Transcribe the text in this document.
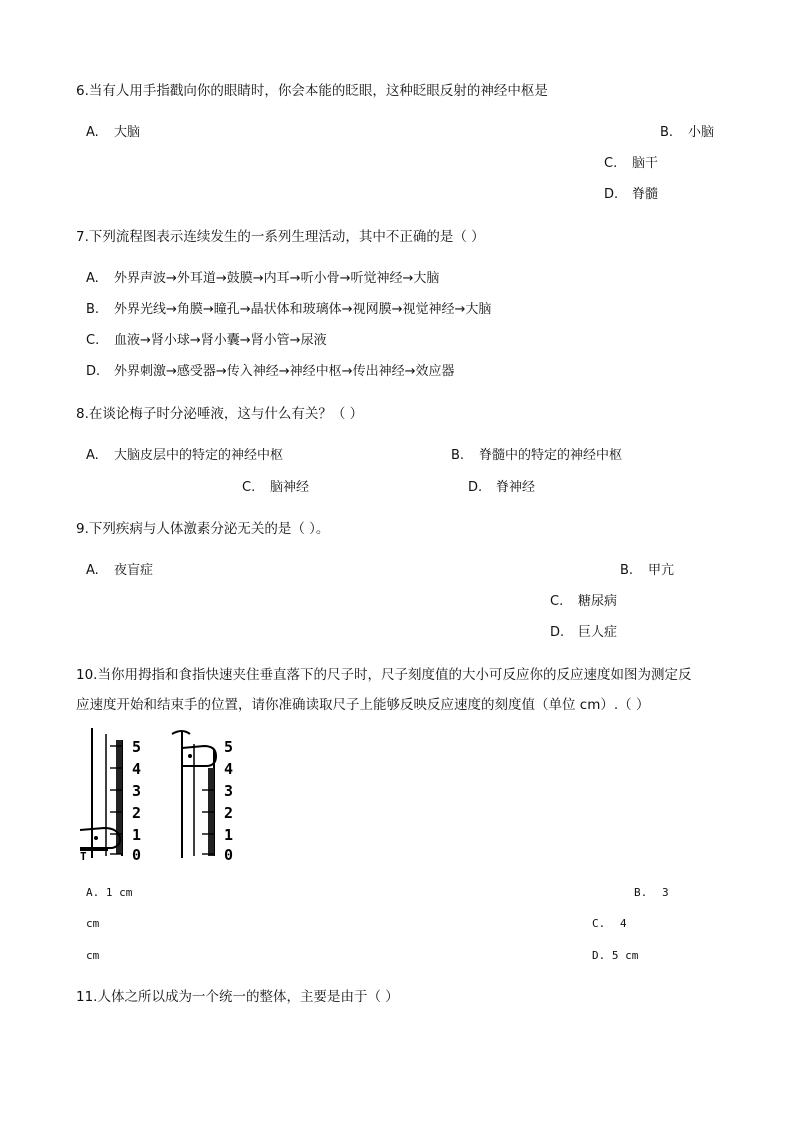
6.当有人用手指戳向你的眼睛时，你会本能的眨眼，这种眨眼反射的神经中枢是
A. 大脑	B. 小脑
C. 脑干
D. 脊髓
7.下列流程图表示连续发生的一系列生理活动，其中不正确的是（ ）
A. 外界声波→外耳道→鼓膜→内耳→听小骨→听觉神经→大脑
B. 外界光线→角膜→瞳孔→晶状体和玻璃体→视网膜→视觉神经→大脑
C. 血液→肾小球→肾小囊→肾小管→尿液
D. 外界刺激→感受器→传入神经→神经中枢→传出神经→效应器
8.在谈论梅子时分泌唾液，这与什么有关？（ ）
A. 大脑皮层中的特定的神经中枢	B. 脊髓中的特定的神经中枢
C. 脑神经	D. 脊神经
9.下列疾病与人体激素分泌无关的是（ ）。
A. 夜盲症	B. 甲亢
C. 糖尿病
D. 巨人症
10.当你用拇指和食指快速夹住垂直落下的尺子时，尺子刻度值的大小可反应你的反应速度如图为测定反
应速度开始和结束手的位置，请你准确读取尺子上能够反映反应速度的刻度值（单位 cm）.（ ）
T
5
4
3
2
1
0
5
4
3
2
1
0
A. 1 cm	B. 3
cm	C. 4
cm	D. 5 cm
11.人体之所以成为一个统一的整体，主要是由于（ ）
